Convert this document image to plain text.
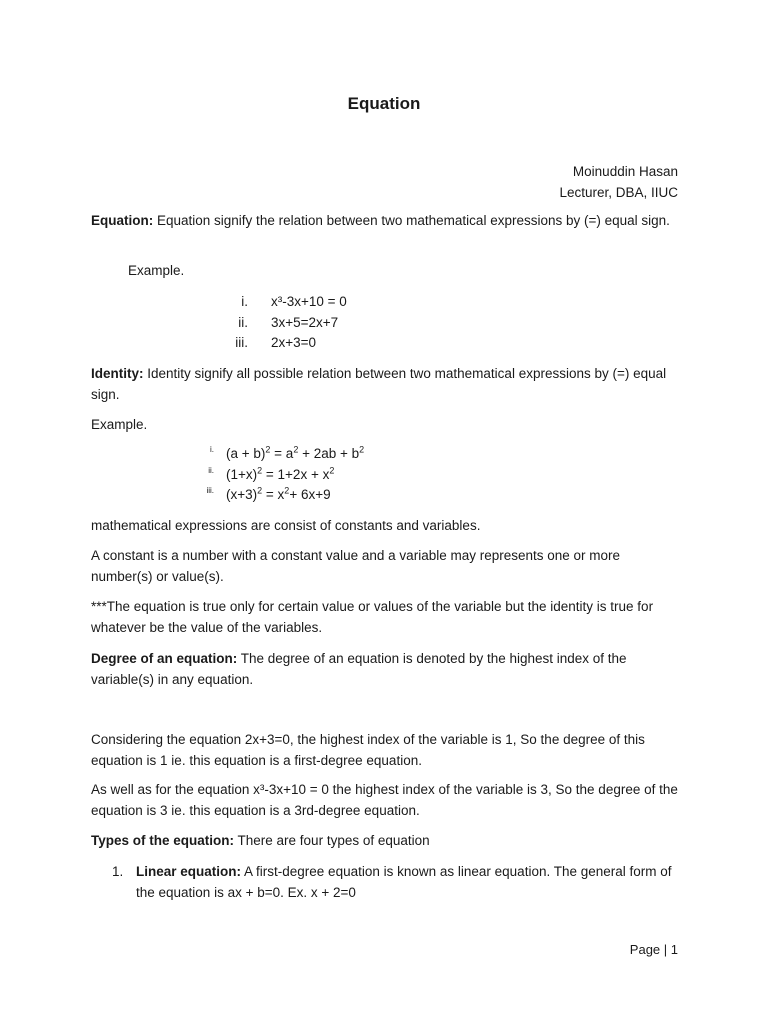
Equation
Moinuddin Hasan
Lecturer, DBA, IIUC
Equation: Equation signify the relation between two mathematical expressions by (=) equal sign.
Example.
i. x³-3x+10 = 0
ii. 3x+5=2x+7
iii. 2x+3=0
Identity: Identity signify all possible relation between two mathematical expressions by (=) equal sign.
Example.
i. $(a + b)^2 = a^2 + 2ab + b^2$
ii. $(1+x)^2 = 1+2x + x^2$
iii. $(x+3)^2 = x^2+ 6x+9$
mathematical expressions are consist of constants and variables.
A constant is a number with a constant value and a variable may represents one or more number(s) or value(s).
***The equation is true only for certain value or values of the variable but the identity is true for whatever be the value of the variables.
Degree of an equation: The degree of an equation is denoted by the highest index of the variable(s) in any equation.
Considering the equation 2x+3=0, the highest index of the variable is 1, So the degree of this equation is 1 ie. this equation is a first-degree equation.
As well as for the equation x³-3x+10 = 0 the highest index of the variable is 3, So the degree of the equation is 3 ie. this equation is a 3rd-degree equation.
Types of the equation: There are four types of equation
1. Linear equation: A first-degree equation is known as linear equation. The general form of the equation is ax + b=0. Ex. x + 2=0
Page | 1
